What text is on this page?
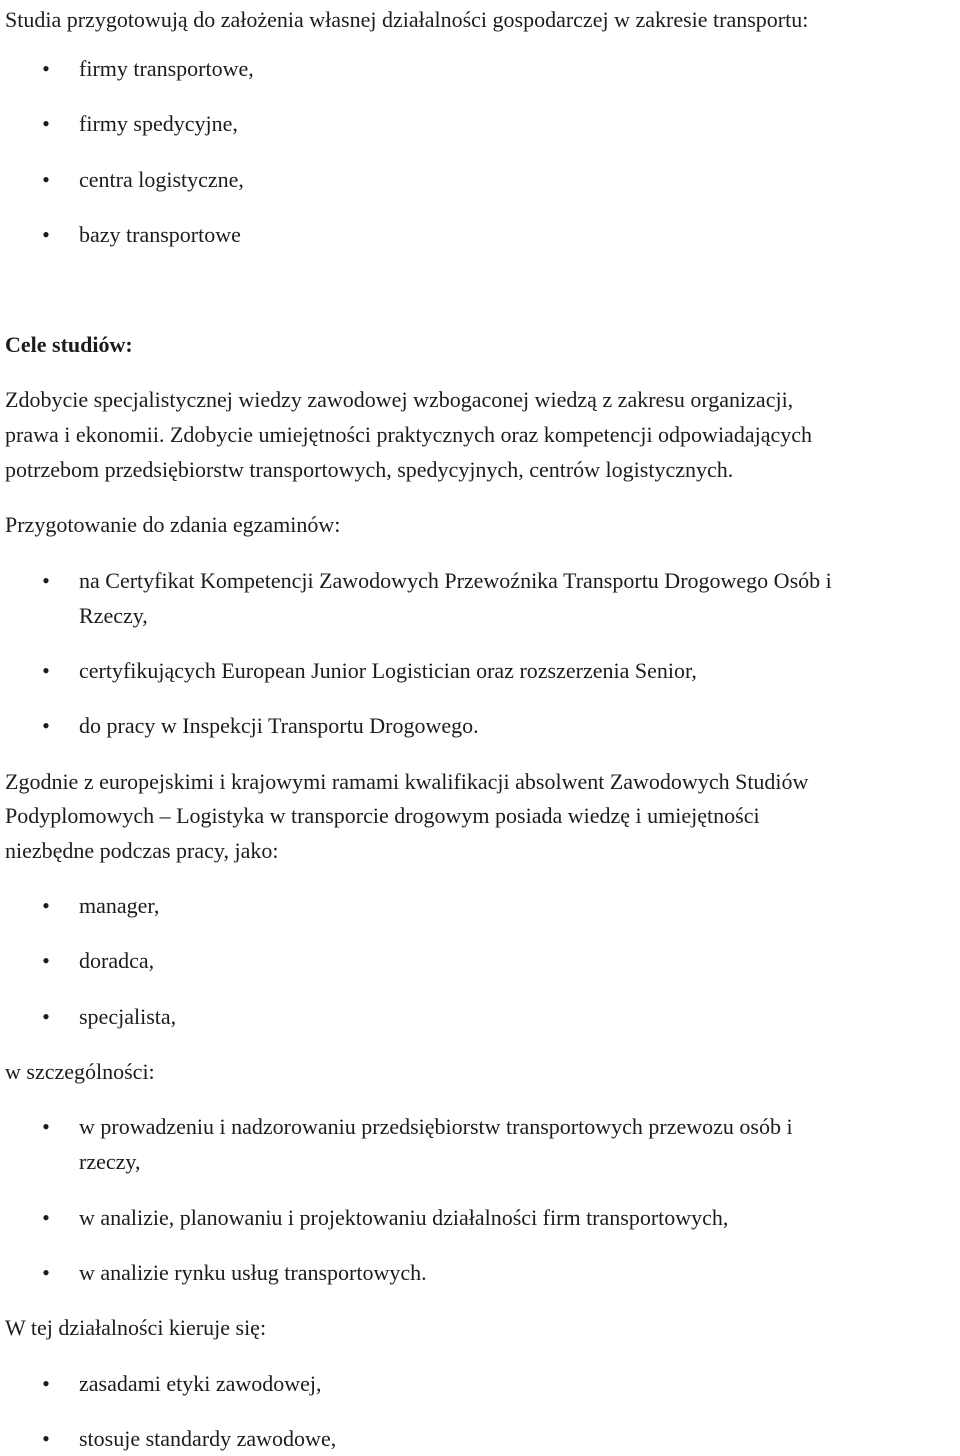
Studia przygotowują do założenia własnej działalności gospodarczej w zakresie transportu:
• firmy transportowe,
• firmy spedycyjne,
• centra logistyczne,
• bazy transportowe
Cele studiów:
Zdobycie specjalistycznej wiedzy zawodowej wzbogaconej wiedzą z zakresu organizacji,
prawa i ekonomii. Zdobycie umiejętności praktycznych oraz kompetencji odpowiadających
potrzebom przedsiębiorstw transportowych, spedycyjnych, centrów logistycznych.
Przygotowanie do zdania egzaminów:
• na Certyfikat Kompetencji Zawodowych Przewoźnika Transportu Drogowego Osób i
Rzeczy,
• certyfikujących European Junior Logistician oraz rozszerzenia Senior,
• do pracy w Inspekcji Transportu Drogowego.
Zgodnie z europejskimi i krajowymi ramami kwalifikacji absolwent Zawodowych Studiów
Podyplomowych – Logistyka w transporcie drogowym posiada wiedzę i umiejętności
niezbędne podczas pracy, jako:
• manager,
• doradca,
• specjalista,
w szczególności:
• w prowadzeniu i nadzorowaniu przedsiębiorstw transportowych przewozu osób i
rzeczy,
• w analizie, planowaniu i projektowaniu działalności firm transportowych,
• w analizie rynku usług transportowych.
W tej działalności kieruje się:
• zasadami etyki zawodowej,
• stosuje standardy zawodowe,
